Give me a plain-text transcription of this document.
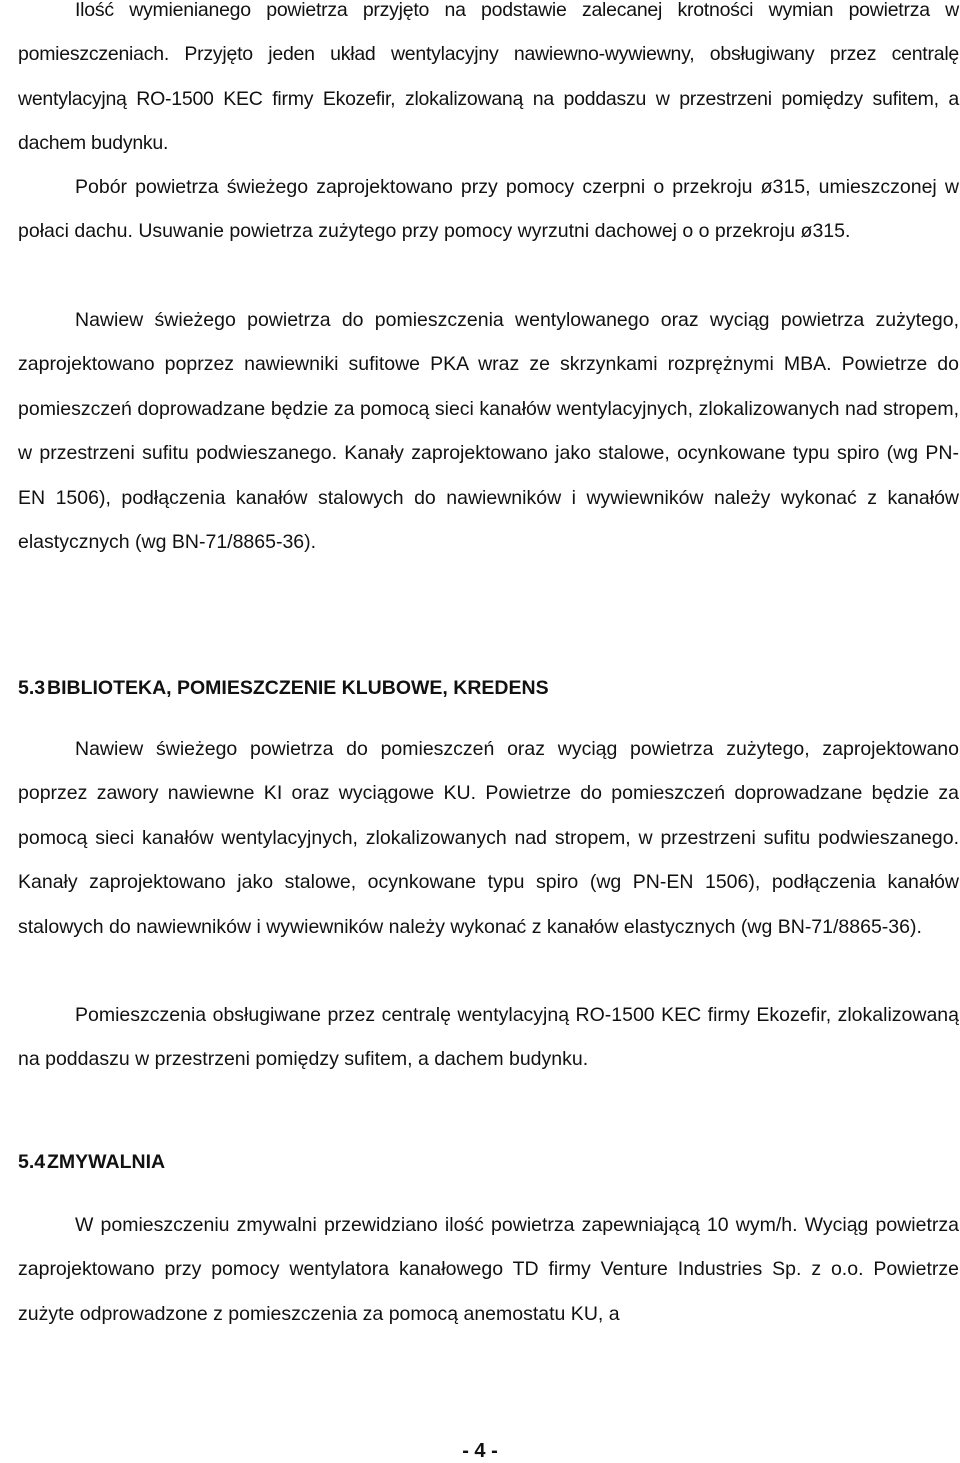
Ilość wymienianego powietrza przyjęto na podstawie zalecanej krotności wymian powietrza w pomieszczeniach. Przyjęto jeden układ wentylacyjny nawiewno-wywiewny, obsługiwany przez centralę wentylacyjną RO-1500 KEC firmy Ekozefir, zlokalizowaną na poddaszu w przestrzeni pomiędzy sufitem, a dachem budynku.

Pobór powietrza świeżego zaprojektowano przy pomocy czerpni o przekroju ø315, umieszczonej w połaci dachu. Usuwanie powietrza zużytego przy pomocy wyrzutni dachowej o o przekroju ø315.

Nawiew świeżego powietrza do pomieszczenia wentylowanego oraz wyciąg powietrza zużytego, zaprojektowano poprzez nawiewniki sufitowe PKA wraz ze skrzynkami rozprężnymi MBA. Powietrze do pomieszczeń doprowadzane będzie za pomocą sieci kanałów wentylacyjnych, zlokalizowanych nad stropem, w przestrzeni sufitu podwieszanego. Kanały zaprojektowano jako stalowe, ocynkowane typu spiro (wg PN-EN 1506), podłączenia kanałów stalowych do nawiewników i wywiewników należy wykonać z kanałów elastycznych (wg BN-71/8865-36).

5.3BIBLIOTEKA, POMIESZCZENIE KLUBOWE, KREDENS

Nawiew świeżego powietrza do pomieszczeń oraz wyciąg powietrza zużytego, zaprojektowano poprzez zawory nawiewne KI oraz wyciągowe KU. Powietrze do pomieszczeń doprowadzane będzie za pomocą sieci kanałów wentylacyjnych, zlokalizowanych nad stropem, w przestrzeni sufitu podwieszanego. Kanały zaprojektowano jako stalowe, ocynkowane typu spiro (wg PN-EN 1506), podłączenia kanałów stalowych do nawiewników i wywiewników należy wykonać z kanałów elastycznych (wg BN-71/8865-36).

Pomieszczenia obsługiwane przez centralę wentylacyjną RO-1500 KEC firmy Ekozefir, zlokalizowaną na poddaszu w przestrzeni pomiędzy sufitem, a dachem budynku.

5.4ZMYWALNIA

W pomieszczeniu zmywalni przewidziano ilość powietrza zapewniającą 10 wym/h. Wyciąg powietrza zaprojektowano przy pomocy wentylatora kanałowego TD firmy Venture Industries Sp. z o.o. Powietrze zużyte odprowadzone z pomieszczenia za pomocą anemostatu KU, a

- 4 -
